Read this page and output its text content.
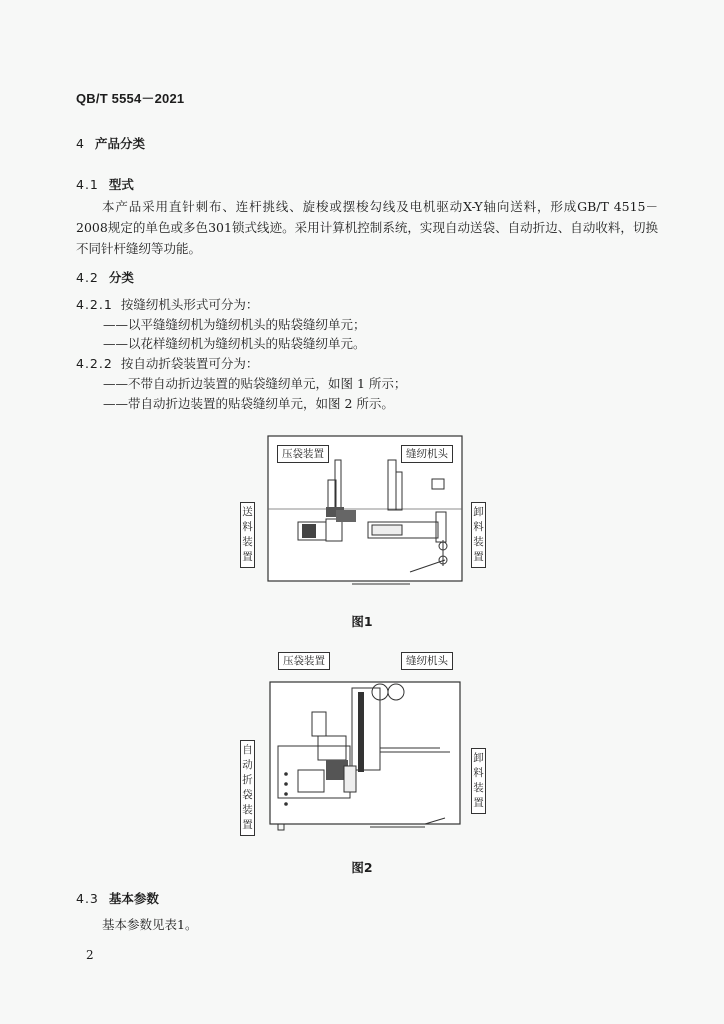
QB/T 5554－2021
4 产品分类
4.1 型式
本产品采用直针刺布、连杆挑线、旋梭或摆梭勾线及电机驱动X-Y轴向送料，形成GB/T 4515－2008规定的单色或多色301锁式线迹。采用计算机控制系统，实现自动送袋、自动折边、自动收料，切换不同针杆缝纫等功能。
4.2 分类
4.2.1 按缝纫机头形式可分为：
——以平缝缝纫机为缝纫机头的贴袋缝纫单元；
——以花样缝纫机为缝纫机头的贴袋缝纫单元。
4.2.2 按自动折袋装置可分为：
——不带自动折边装置的贴袋缝纫单元，如图 1 所示；
——带自动折边装置的贴袋缝纫单元，如图 2 所示。
压袋装置	缝纫机头
送料装置
卸料装置
图1
压袋装置	缝纫机头
自动折袋装置
卸料装置
图2
4.3 基本参数
基本参数见表1。
2
